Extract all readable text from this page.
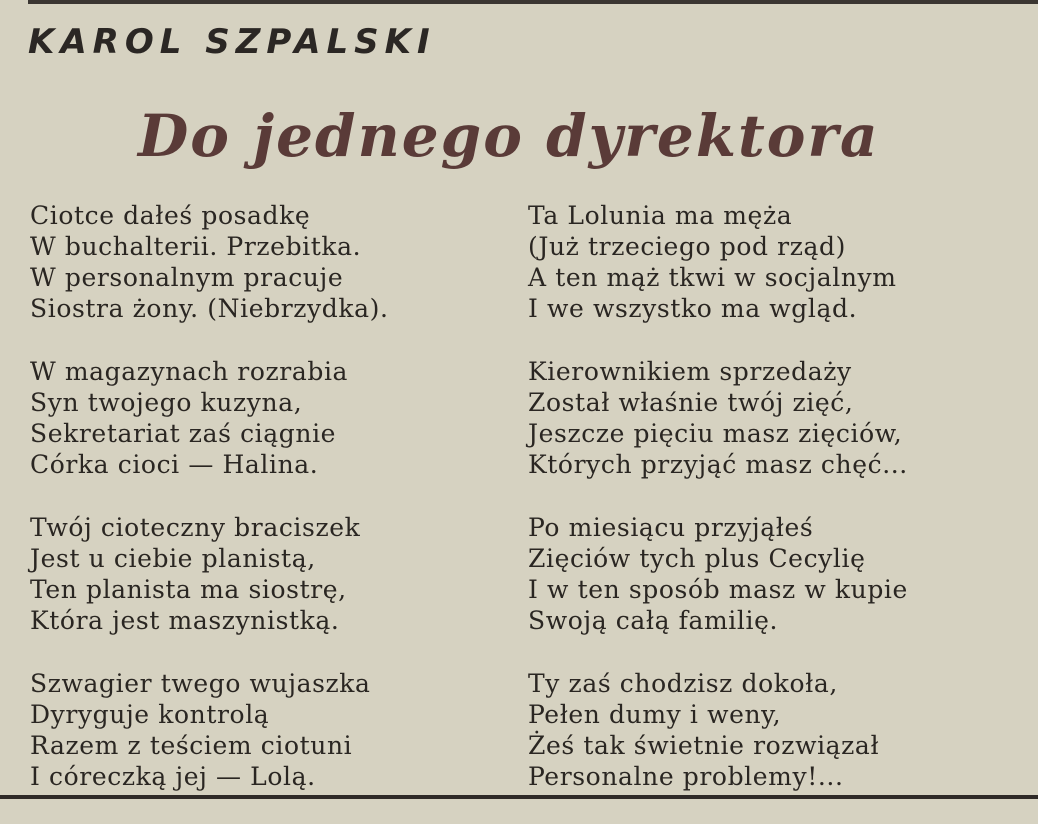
KAROL SZPALSKI
Do jednego dyrektora
Ciotce dałeś posadkę
W buchalterii. Przebitka.
W personalnym pracuje
Siostra żony. (Niebrzydka).
W magazynach rozrabia
Syn twojego kuzyna,
Sekretariat zaś ciągnie
Córka cioci — Halina.
Twój cioteczny braciszek
Jest u ciebie planistą,
Ten planista ma siostrę,
Która jest maszynistką.
Szwagier twego wujaszka
Dyryguje kontrolą
Razem z teściem ciotuni
I córeczką jej — Lolą.
Ta Lolunia ma męża
(Już trzeciego pod rząd)
A ten mąż tkwi w socjalnym
I we wszystko ma wgląd.
Kierownikiem sprzedaży
Został właśnie twój zięć,
Jeszcze pięciu masz zięciów,
Których przyjąć masz chęć...
Po miesiącu przyjąłeś
Zięciów tych plus Cecylię
I w ten sposób masz w kupie
Swoją całą familię.
Ty zaś chodzisz dokoła,
Pełen dumy i weny,
Żeś tak świetnie rozwiązał
Personalne problemy!...
